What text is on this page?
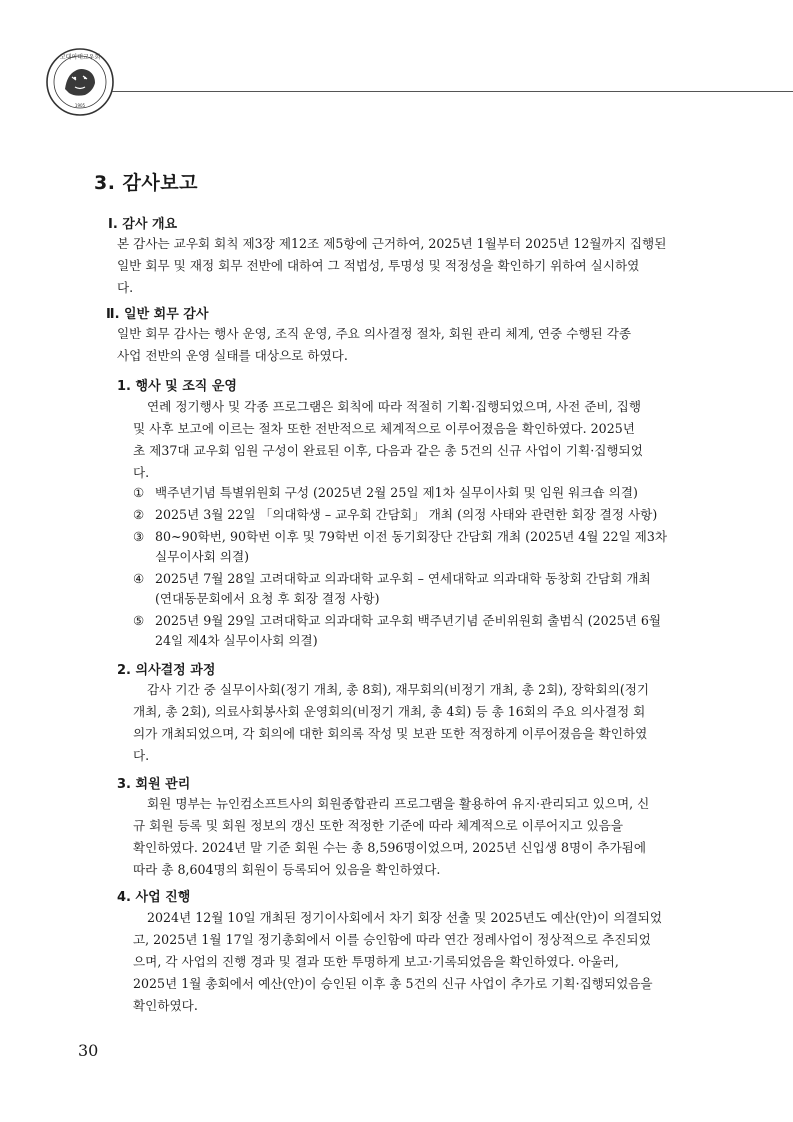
고대의대교우회
1905
3. 감사보고
Ⅰ. 감사 개요
본 감사는 교우회 회칙 제3장 제12조 제5항에 근거하여, 2025년 1월부터 2025년 12월까지 집행된
일반 회무 및 재정 회무 전반에 대하여 그 적법성, 투명성 및 적정성을 확인하기 위하여 실시하였
다.
Ⅱ. 일반 회무 감사
일반 회무 감사는 행사 운영, 조직 운영, 주요 의사결정 절차, 회원 관리 체계, 연중 수행된 각종
사업 전반의 운영 실태를 대상으로 하였다.
1. 행사 및 조직 운영
연례 정기행사 및 각종 프로그램은 회칙에 따라 적절히 기획·집행되었으며, 사전 준비, 집행
및 사후 보고에 이르는 절차 또한 전반적으로 체계적으로 이루어졌음을 확인하였다. 2025년
초 제37대 교우회 임원 구성이 완료된 이후, 다음과 같은 총 5건의 신규 사업이 기획·집행되었
다.
① 백주년기념 특별위원회 구성 (2025년 2월 25일 제1차 실무이사회 및 임원 워크숍 의결)
② 2025년 3월 22일 「의대학생 – 교우회 간담회」 개최 (의정 사태와 관련한 회장 결정 사항)
③ 80~90학번, 90학번 이후 및 79학번 이전 동기회장단 간담회 개최 (2025년 4월 22일 제3차
실무이사회 의결)
④ 2025년 7월 28일 고려대학교 의과대학 교우회 – 연세대학교 의과대학 동창회 간담회 개최
(연대동문회에서 요청 후 회장 결정 사항)
⑤ 2025년 9월 29일 고려대학교 의과대학 교우회 백주년기념 준비위원회 출범식 (2025년 6월
24일 제4차 실무이사회 의결)
2. 의사결정 과정
감사 기간 중 실무이사회(정기 개최, 총 8회), 재무회의(비정기 개최, 총 2회), 장학회의(정기
개최, 총 2회), 의료사회봉사회 운영회의(비정기 개최, 총 4회) 등 총 16회의 주요 의사결정 회
의가 개최되었으며, 각 회의에 대한 회의록 작성 및 보관 또한 적정하게 이루어졌음을 확인하였
다.
3. 회원 관리
회원 명부는 뉴인컴소프트사의 회원종합관리 프로그램을 활용하여 유지·관리되고 있으며, 신
규 회원 등록 및 회원 정보의 갱신 또한 적정한 기준에 따라 체계적으로 이루어지고 있음을
확인하였다. 2024년 말 기준 회원 수는 총 8,596명이었으며, 2025년 신입생 8명이 추가됨에
따라 총 8,604명의 회원이 등록되어 있음을 확인하였다.
4. 사업 진행
2024년 12월 10일 개최된 정기이사회에서 차기 회장 선출 및 2025년도 예산(안)이 의결되었
고, 2025년 1월 17일 정기총회에서 이를 승인함에 따라 연간 정례사업이 정상적으로 추진되었
으며, 각 사업의 진행 경과 및 결과 또한 투명하게 보고·기록되었음을 확인하였다. 아울러,
2025년 1월 총회에서 예산(안)이 승인된 이후 총 5건의 신규 사업이 추가로 기획·집행되었음을
확인하였다.
30
